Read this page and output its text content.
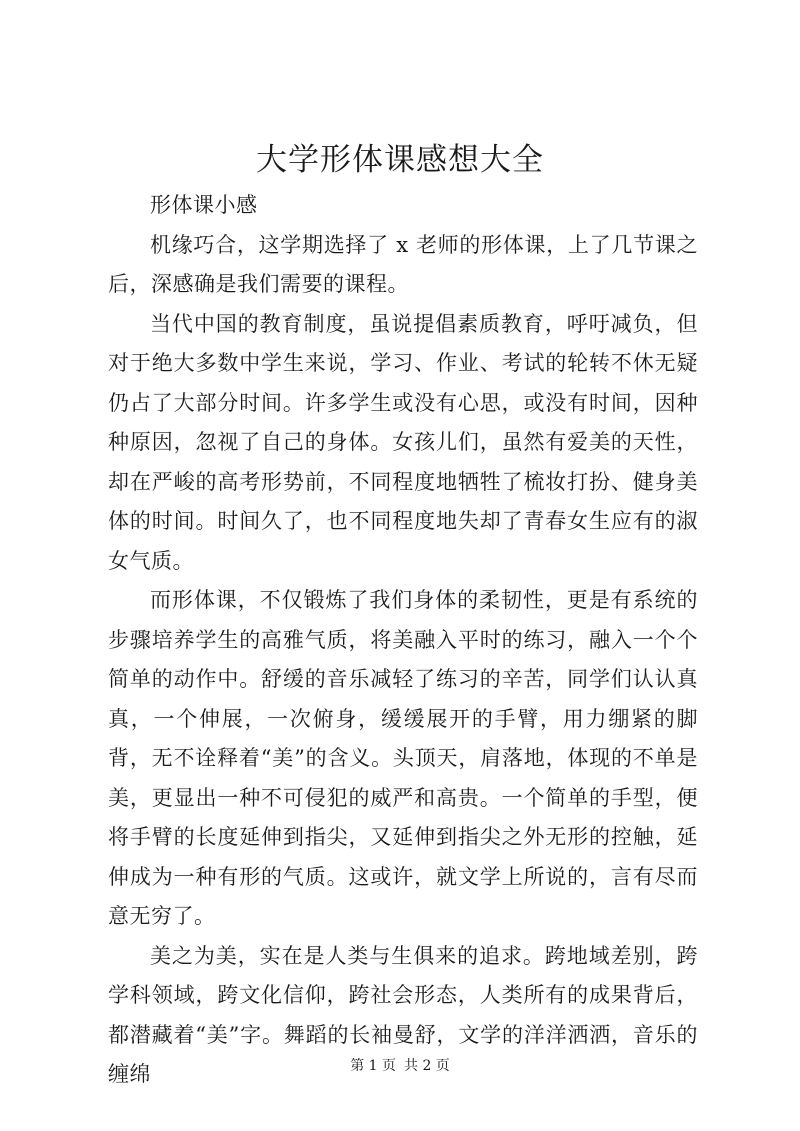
大学形体课感想大全

形体课小感

机缘巧合，这学期选择了 x 老师的形体课，上了几节课之后，深感确是我们需要的课程。

当代中国的教育制度，虽说提倡素质教育，呼吁减负，但对于绝大多数中学生来说，学习、作业、考试的轮转不休无疑仍占了大部分时间。许多学生或没有心思，或没有时间，因种种原因，忽视了自己的身体。女孩儿们，虽然有爱美的天性，却在严峻的高考形势前，不同程度地牺牲了梳妆打扮、健身美体的时间。时间久了，也不同程度地失却了青春女生应有的淑女气质。

而形体课，不仅锻炼了我们身体的柔韧性，更是有系统的步骤培养学生的高雅气质，将美融入平时的练习，融入一个个简单的动作中。舒缓的音乐减轻了练习的辛苦，同学们认认真真，一个伸展，一次俯身，缓缓展开的手臂，用力绷紧的脚背，无不诠释着“美”的含义。头顶天，肩落地，体现的不单是美，更显出一种不可侵犯的威严和高贵。一个简单的手型，便将手臂的长度延伸到指尖，又延伸到指尖之外无形的控触，延伸成为一种有形的气质。这或许，就文学上所说的，言有尽而意无穷了。

美之为美，实在是人类与生俱来的追求。跨地域差别，跨学科领域，跨文化信仰，跨社会形态，人类所有的成果背后，都潜藏着“美”字。舞蹈的长袖曼舒，文学的洋洋洒洒，音乐的缠绵	第 1 页 共 2 页
